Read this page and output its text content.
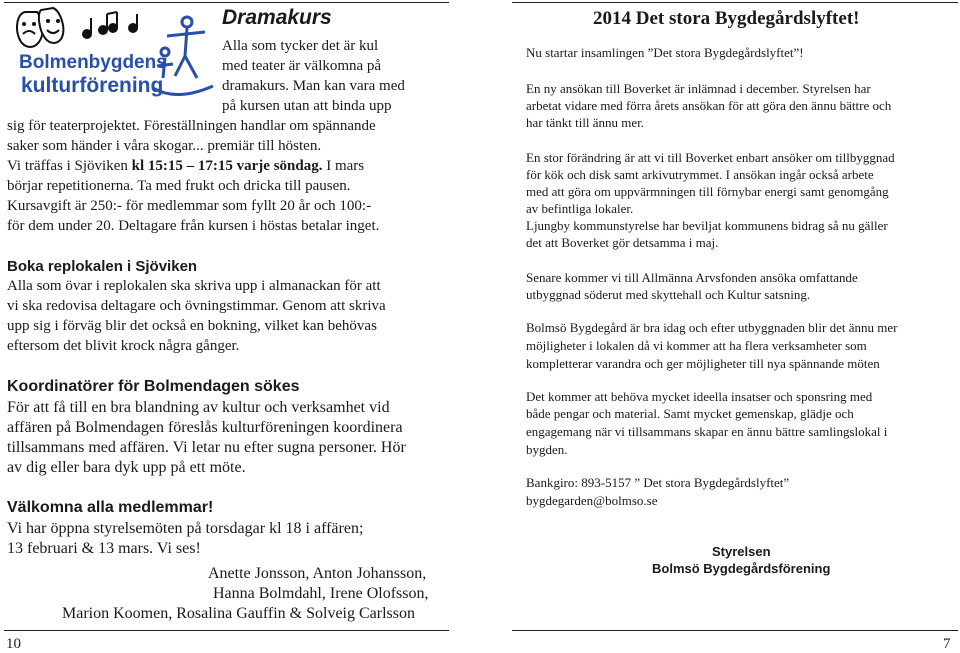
Bolmenbygdens
kulturförening
Dramakurs
Alla som tycker det är kul
med teater är välkomna på
dramakurs. Man kan vara med
på kursen utan att binda upp
sig för teaterprojektet. Föreställningen handlar om spännande
saker som händer i våra skogar... premiär till hösten.
Vi träffas i Sjöviken kl 15:15 – 17:15 varje söndag. I mars
börjar repetitionerna. Ta med frukt och dricka till pausen.
Kursavgift är 250:- för medlemmar som fyllt 20 år och 100:-
för dem under 20. Deltagare från kursen i höstas betalar inget.
Boka replokalen i Sjöviken
Alla som övar i replokalen ska skriva upp i almanackan för att
vi ska redovisa deltagare och övningstimmar. Genom att skriva
upp sig i förväg blir det också en bokning, vilket kan behövas
eftersom det blivit krock några gånger.
Koordinatörer för Bolmendagen sökes
För att få till en bra blandning av kultur och verksamhet vid
affären på Bolmendagen föreslås kulturföreningen koordinera
tillsammans med affären. Vi letar nu efter sugna personer. Hör
av dig eller bara dyk upp på ett möte.
Välkomna alla medlemmar!
Vi har öppna styrelsemöten på torsdagar kl 18 i affären;
13 februari & 13 mars. Vi ses!
Anette Jonsson, Anton Johansson,
Hanna Bolmdahl, Irene Olofsson,
Marion Koomen, Rosalina Gauffin & Solveig Carlsson
10
2014 Det stora Bygdegårdslyftet!
Nu startar insamlingen ”Det stora Bygdegårdslyftet”!
En ny ansökan till Boverket är inlämnad i december. Styrelsen har
arbetat vidare med förra årets ansökan för att göra den ännu bättre och
har tänkt till ännu mer.
En stor förändring är att vi till Boverket enbart ansöker om tillbyggnad
för kök och disk samt arkivutrymmet. I ansökan ingår också arbete
med att göra om uppvärmningen till förnybar energi samt genomgång
av befintliga lokaler.
Ljungby kommunstyrelse har beviljat kommunens bidrag så nu gäller
det att Boverket gör detsamma i maj.
Senare kommer vi till Allmänna Arvsfonden ansöka omfattande
utbyggnad söderut med skyttehall och Kultur satsning.
Bolmsö Bygdegård är bra idag och efter utbyggnaden blir det ännu mer
möjligheter i lokalen då vi kommer att ha flera verksamheter som
kompletterar varandra och ger möjligheter till nya spännande möten
Det kommer att behöva mycket ideella insatser och sponsring med
både pengar och material. Samt mycket gemenskap, glädje och
engagemang när vi tillsammans skapar en ännu bättre samlingslokal i
bygden.
Bankgiro: 893-5157 ” Det stora Bygdegårdslyftet”
bygdegarden@bolmso.se
Styrelsen
Bolmsö Bygdegårdsförening
7
